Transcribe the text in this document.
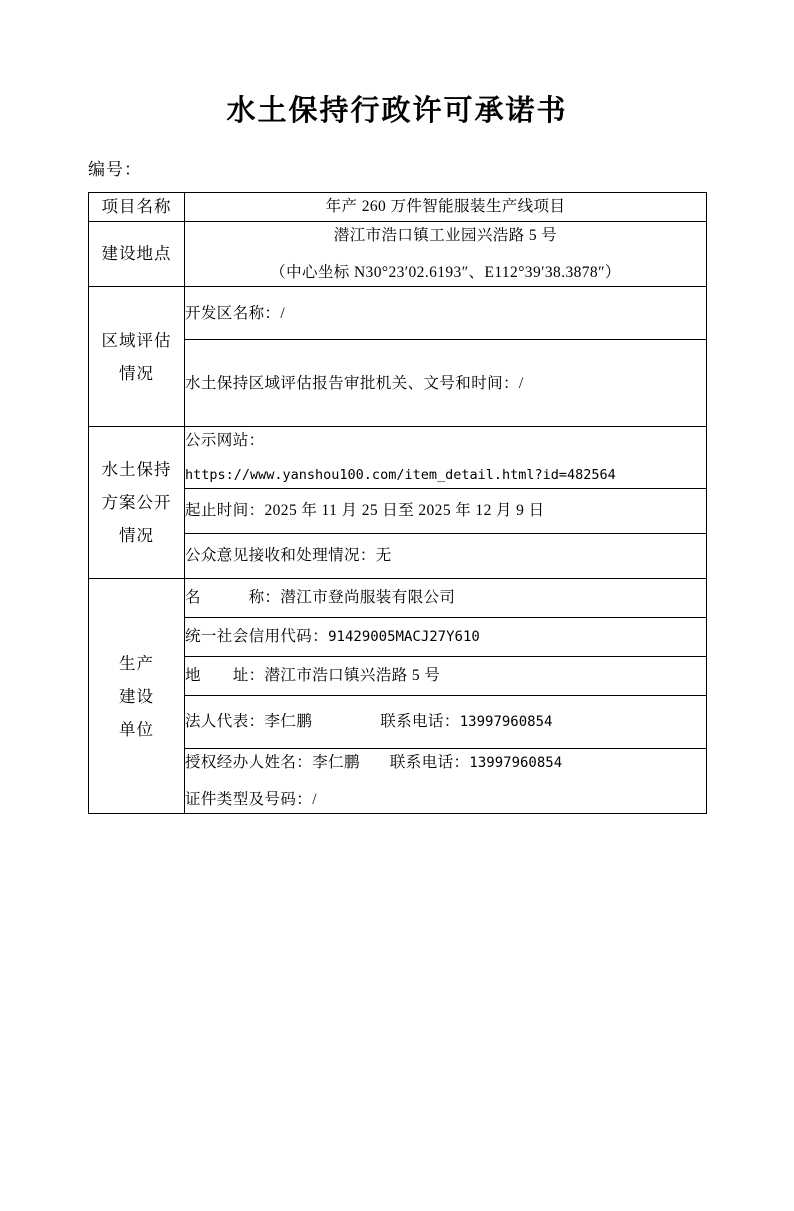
水土保持行政许可承诺书
编号：
项目名称	年产 260 万件智能服装生产线项目
建设地点	潜江市浩口镇工业园兴浩路 5 号
（中心坐标 N30°23′02.6193″、E112°39′38.3878″）

区域评估
情况	开发区名称：/
	水土保持区域评估报告审批机关、文号和时间：/

水土保持
方案公开
情况

公示网站：
https://www.yanshou100.com/item_detail.html?id=482564

	起止时间：2025 年 11 月 25 日至 2025 年 12 月 9 日
	公众意见接收和处理情况：无

生产
建设
单位	名　　　称：潜江市登尚服装有限公司
	统一社会信用代码：91429005MACJ27Y610
	地　　址：潜江市浩口镇兴浩路 5 号
	法人代表：李仁鹏 联系电话：13997960854

	授权经办人姓名：李仁鹏 联系电话：13997960854
证件类型及号码：/
